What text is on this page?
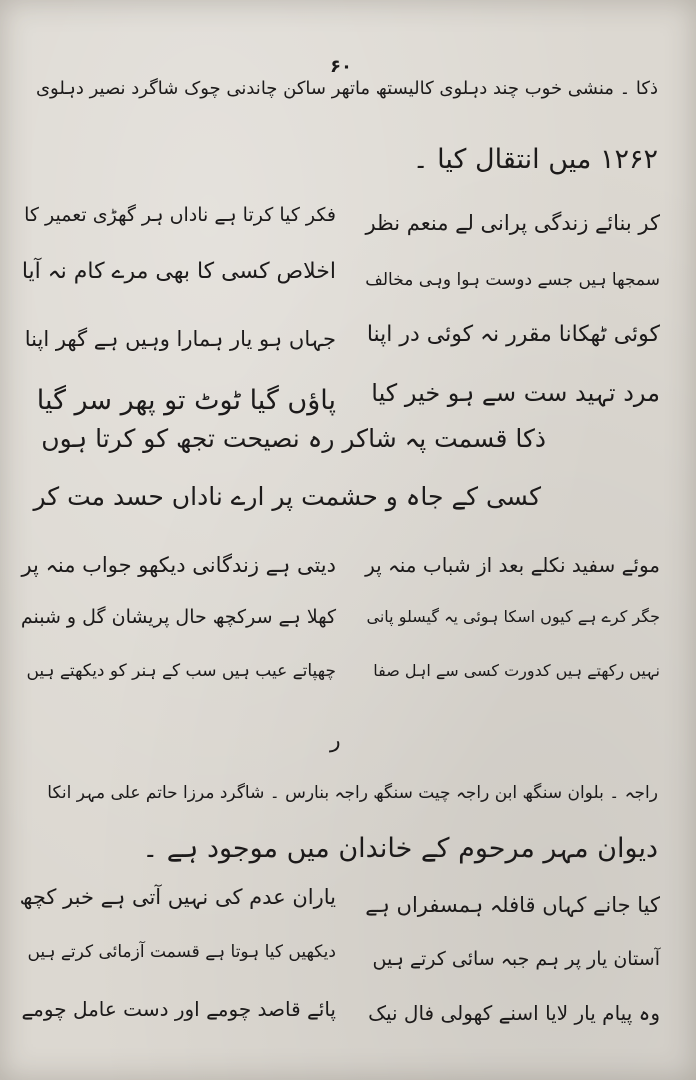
۶۰
ذکا ۔ منشی خوب چند دہلوی کالیستھ ماتھر ساکن چاندنی چوک شاگرد نصیر دہلوی
۱۲۶۲ میں انتقال کیا ۔
کر بنائے زندگی پرانی لے منعم نظر
فکر کیا کرتا ہے ناداں ہر گھڑی تعمیر کا
سمجھا ہیں جسے دوست ہوا وہی مخالف
اخلاص کسی کا بھی مرے کام نہ آیا
کوئی ٹھکانا مقرر نہ کوئی در اپنا
جہاں ہو یار ہمارا وہیں ہے گھر اپنا
مرد تہید ست سے ہو خیر کیا
پاؤں گیا ٹوٹ تو پھر سر گیا
ذکا قسمت پہ شاکر رہ نصیحت تجھ کو کرتا ہوں
کسی کے جاہ و حشمت پر ارے ناداں حسد مت کر
موئے سفید نکلے بعد از شباب منہ پر
دیتی ہے زندگانی دیکھو جواب منہ پر
جگر کرے ہے کیوں اسکا ہوئی یہ گیسلو پانی
کھلا ہے سرکچھ حال پریشان گل و شبنم
نہیں رکھتے ہیں کدورت کسی سے اہل صفا
چھپاتے عیب ہیں سب کے ہنر کو دیکھتے ہیں
ر
راجہ ۔ بلوان سنگھ ابن راجہ چیت سنگھ راجہ بنارس ۔ شاگرد مرزا حاتم علی مہر انکا
دیوان مہر مرحوم کے خاندان میں موجود ہے ۔
کیا جانے کہاں قافلہ ہمسفراں ہے
یاران عدم کی نہیں آتی ہے خبر کچھ
آستان یار پر ہم جبہ سائی کرتے ہیں
دیکھیں کیا ہوتا ہے قسمت آزمائی کرتے ہیں
وہ پیام یار لایا اسنے کھولی فال نیک
پائے قاصد چومے اور دست عامل چومے
